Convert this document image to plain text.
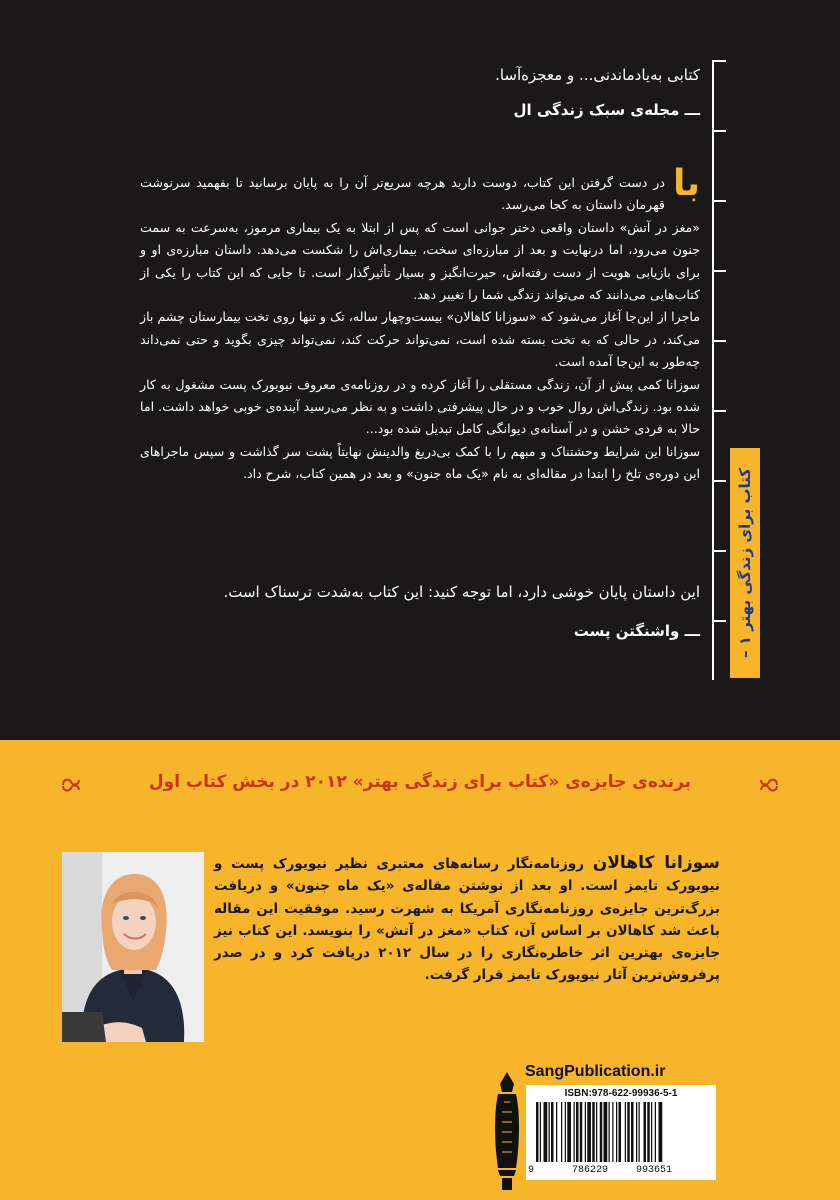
کتابی به‌یادماندنی... و معجزه‌آسا.
ـــ مجله‌ی سبک زندگی ال
با

در دست گرفتن این کتاب، دوست دارید هرچه سریع‌تر آن را به پایان برسانید تا بفهمید سرنوشت قهرمان داستان به کجا می‌رسد.

«مغز در آتش» داستان واقعی دختر جوانی است که پس از ابتلا به یک بیماری مرموز، به‌سرعت به سمت جنون می‌رود، اما درنهایت و بعد از مبارزه‌ای سخت، بیماری‌اش را شکست می‌دهد. داستان مبارزه‌ی او و برای بازیابی هویت از دست رفته‌اش، حیرت‌انگیز و بسیار تأثیرگذار است. تا جایی که این کتاب را یکی از کتاب‌هایی می‌دانند که می‌تواند زندگی شما را تغییر دهد.

ماجرا از این‌جا آغاز می‌شود که «سوزانا کاهالان» بیست‌وچهار ساله، تک و تنها روی تخت بیمارستان چشم باز می‌کند، در حالی که به تخت بسته شده است، نمی‌تواند حرکت کند، نمی‌تواند چیزی بگوید و حتی نمی‌داند چه‌طور به این‌جا آمده است.

سوزانا کمی پیش از آن، زندگی مستقلی را آغاز کرده و در روزنامه‌ی معروف نیویورک پست مشغول به کار شده بود. زندگی‌اش روال خوب و در حال پیشرفتی داشت و به نظر می‌رسید آینده‌ی خوبی خواهد داشت. اما حالا به فردی خشن و در آستانه‌ی دیوانگی کامل تبدیل شده بود...

سوزانا این شرایط وحشتناک و مبهم را با کمک بی‌دریغ والدینش نهایتاً پشت سر گذاشت و سپس ماجراهای این دوره‌ی تلخ را ابتدا در مقاله‌ای به نام «یک ماه جنون» و بعد در همین کتاب، شرح داد.

این داستان پایان خوشی دارد، اما توجه کنید: این کتاب به‌شدت ترسناک است.
ـــ واشنگتن پست
کتاب برای زندگی بهتر ۱ –
برنده‌ی جایزه‌ی «کتاب برای زندگی بهتر» ۲۰۱۲ در بخش کتاب اول
سوزانا کاهالان روزنامه‌نگار رسانه‌های معتبری نظیر نیویورک پست و نیویورک تایمز است. او بعد از نوشتن مقاله‌ی «یک ماه جنون» و دریافت بزرگ‌ترین جایزه‌ی روزنامه‌نگاری آمریکا به شهرت رسید. موفقیت این مقاله باعث شد کاهالان بر اساس آن، کتاب «مغز در آتش» را بنویسد. این کتاب نیز جایزه‌ی بهترین اثر خاطره‌نگاری را در سال ۲۰۱۲ دریافت کرد و در صدر پرفروش‌ترین آثار نیویورک تایمز قرار گرفت.
SangPublication.ir
ISBN:978-622-99936-5-1
9	786229	993651
